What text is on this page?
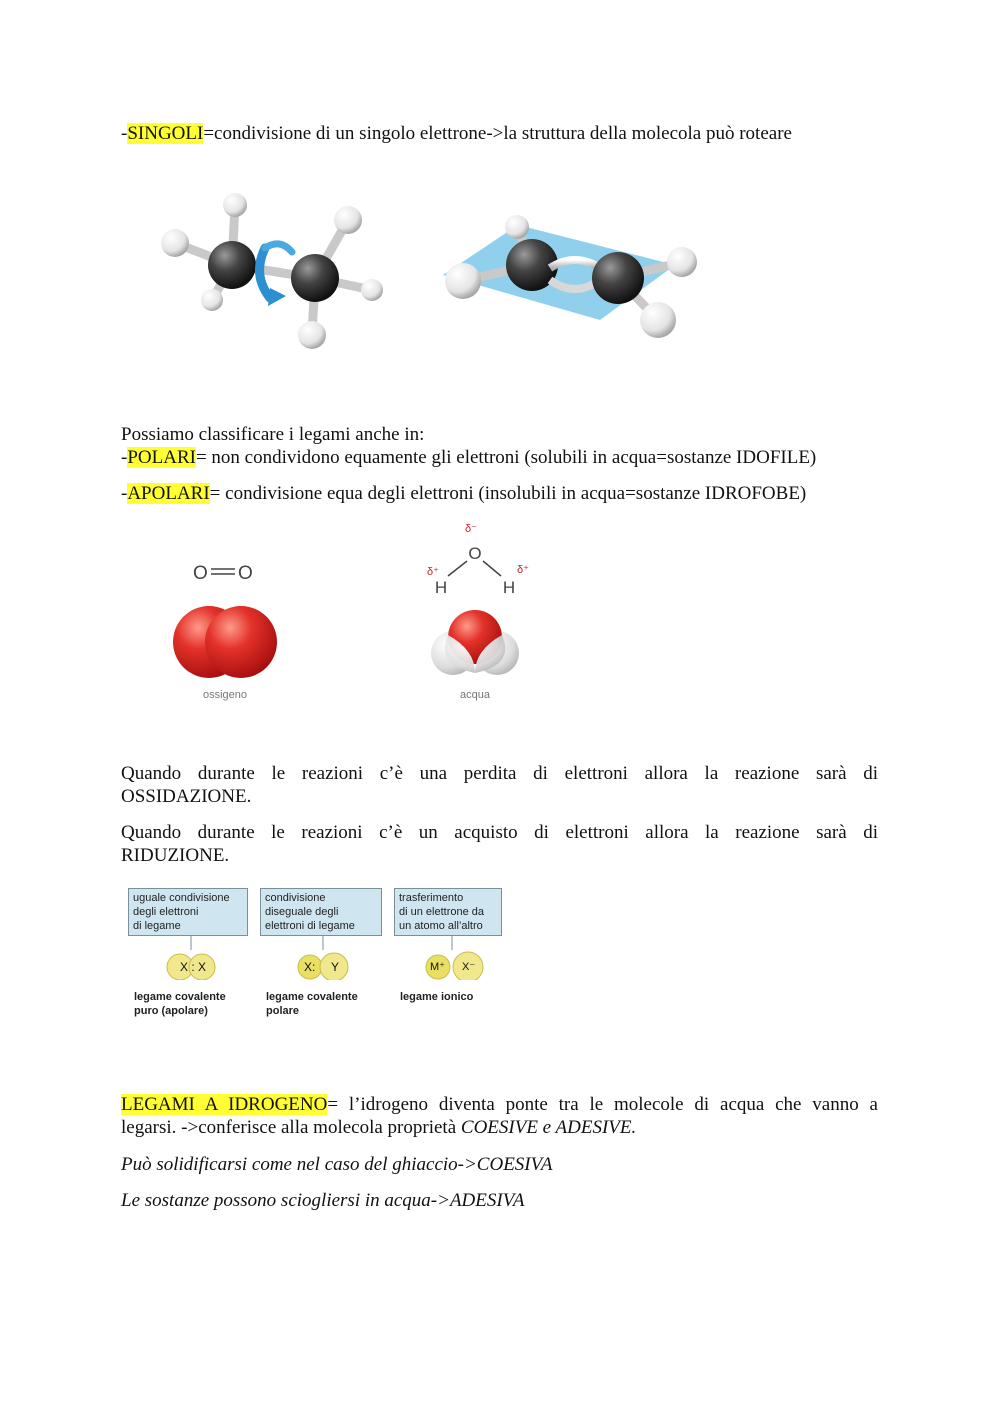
-SINGOLI=condivisione di un singolo elettrone->la struttura della molecola può roteare
Possiamo classificare i legami anche in:
-POLARI= non condividono equamente gli elettroni (solubili in acqua=sostanze IDOFILE)
-APOLARI= condivisione equa degli elettroni (insolubili in acqua=sostanze IDROFOBE)
O O
ossigeno
δ⁻
O
H	H
δ⁺	δ⁺
acqua
Quando durante le reazioni c’è una perdita di elettroni allora la reazione sarà di
OSSIDAZIONE.
Quando durante le reazioni c’è un acquisto di elettroni allora la reazione sarà di
RIDUZIONE.
uguale condivisione
degli elettroni
di legame
X : X
legame covalente
puro (apolare)
condivisione
diseguale degli
elettroni di legame
X: Y
legame covalente
polare
trasferimento
di un elettrone da
un atomo all’altro
M⁺ X⁻
legame ionico
LEGAMI A IDROGENO= l’idrogeno diventa ponte tra le molecole di acqua che vanno a
legarsi. ->conferisce alla molecola proprietà COESIVE e ADESIVE.
Può solidificarsi come nel caso del ghiaccio->COESIVA
Le sostanze possono sciogliersi in acqua->ADESIVA
